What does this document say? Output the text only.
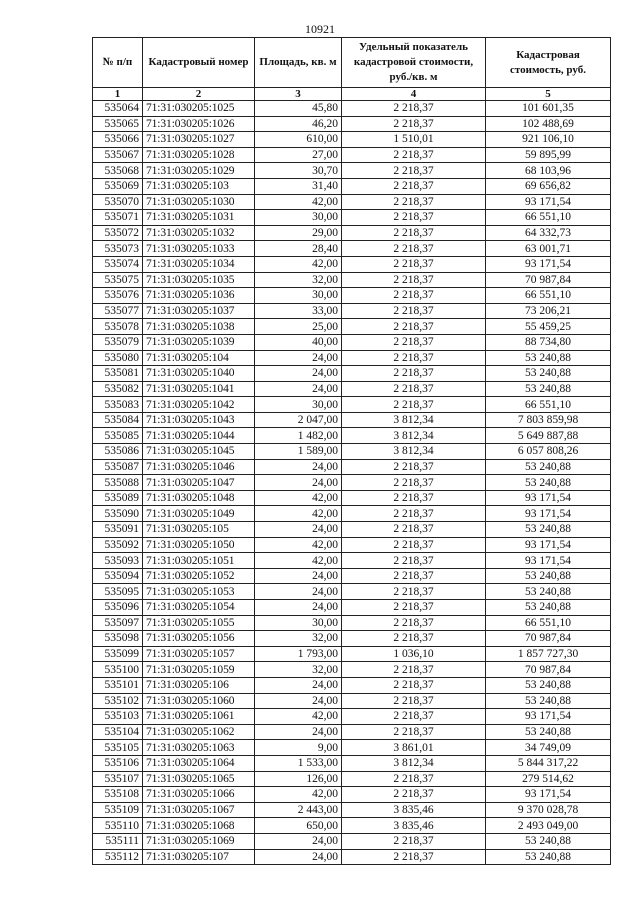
10921
№ п/п	Кадастровый номер	Площадь, кв. м	Удельный показатель кадастровой стоимости, руб./кв. м	Кадастровая стоимость, руб.
1	2	3	4	5
535064	71:31:030205:1025	45,80	2 218,37	101 601,35
535065	71:31:030205:1026	46,20	2 218,37	102 488,69
535066	71:31:030205:1027	610,00	1 510,01	921 106,10
535067	71:31:030205:1028	27,00	2 218,37	59 895,99
535068	71:31:030205:1029	30,70	2 218,37	68 103,96
535069	71:31:030205:103	31,40	2 218,37	69 656,82
535070	71:31:030205:1030	42,00	2 218,37	93 171,54
535071	71:31:030205:1031	30,00	2 218,37	66 551,10
535072	71:31:030205:1032	29,00	2 218,37	64 332,73
535073	71:31:030205:1033	28,40	2 218,37	63 001,71
535074	71:31:030205:1034	42,00	2 218,37	93 171,54
535075	71:31:030205:1035	32,00	2 218,37	70 987,84
535076	71:31:030205:1036	30,00	2 218,37	66 551,10
535077	71:31:030205:1037	33,00	2 218,37	73 206,21
535078	71:31:030205:1038	25,00	2 218,37	55 459,25
535079	71:31:030205:1039	40,00	2 218,37	88 734,80
535080	71:31:030205:104	24,00	2 218,37	53 240,88
535081	71:31:030205:1040	24,00	2 218,37	53 240,88
535082	71:31:030205:1041	24,00	2 218,37	53 240,88
535083	71:31:030205:1042	30,00	2 218,37	66 551,10
535084	71:31:030205:1043	2 047,00	3 812,34	7 803 859,98
535085	71:31:030205:1044	1 482,00	3 812,34	5 649 887,88
535086	71:31:030205:1045	1 589,00	3 812,34	6 057 808,26
535087	71:31:030205:1046	24,00	2 218,37	53 240,88
535088	71:31:030205:1047	24,00	2 218,37	53 240,88
535089	71:31:030205:1048	42,00	2 218,37	93 171,54
535090	71:31:030205:1049	42,00	2 218,37	93 171,54
535091	71:31:030205:105	24,00	2 218,37	53 240,88
535092	71:31:030205:1050	42,00	2 218,37	93 171,54
535093	71:31:030205:1051	42,00	2 218,37	93 171,54
535094	71:31:030205:1052	24,00	2 218,37	53 240,88
535095	71:31:030205:1053	24,00	2 218,37	53 240,88
535096	71:31:030205:1054	24,00	2 218,37	53 240,88
535097	71:31:030205:1055	30,00	2 218,37	66 551,10
535098	71:31:030205:1056	32,00	2 218,37	70 987,84
535099	71:31:030205:1057	1 793,00	1 036,10	1 857 727,30
535100	71:31:030205:1059	32,00	2 218,37	70 987,84
535101	71:31:030205:106	24,00	2 218,37	53 240,88
535102	71:31:030205:1060	24,00	2 218,37	53 240,88
535103	71:31:030205:1061	42,00	2 218,37	93 171,54
535104	71:31:030205:1062	24,00	2 218,37	53 240,88
535105	71:31:030205:1063	9,00	3 861,01	34 749,09
535106	71:31:030205:1064	1 533,00	3 812,34	5 844 317,22
535107	71:31:030205:1065	126,00	2 218,37	279 514,62
535108	71:31:030205:1066	42,00	2 218,37	93 171,54
535109	71:31:030205:1067	2 443,00	3 835,46	9 370 028,78
535110	71:31:030205:1068	650,00	3 835,46	2 493 049,00
535111	71:31:030205:1069	24,00	2 218,37	53 240,88
535112	71:31:030205:107	24,00	2 218,37	53 240,88
